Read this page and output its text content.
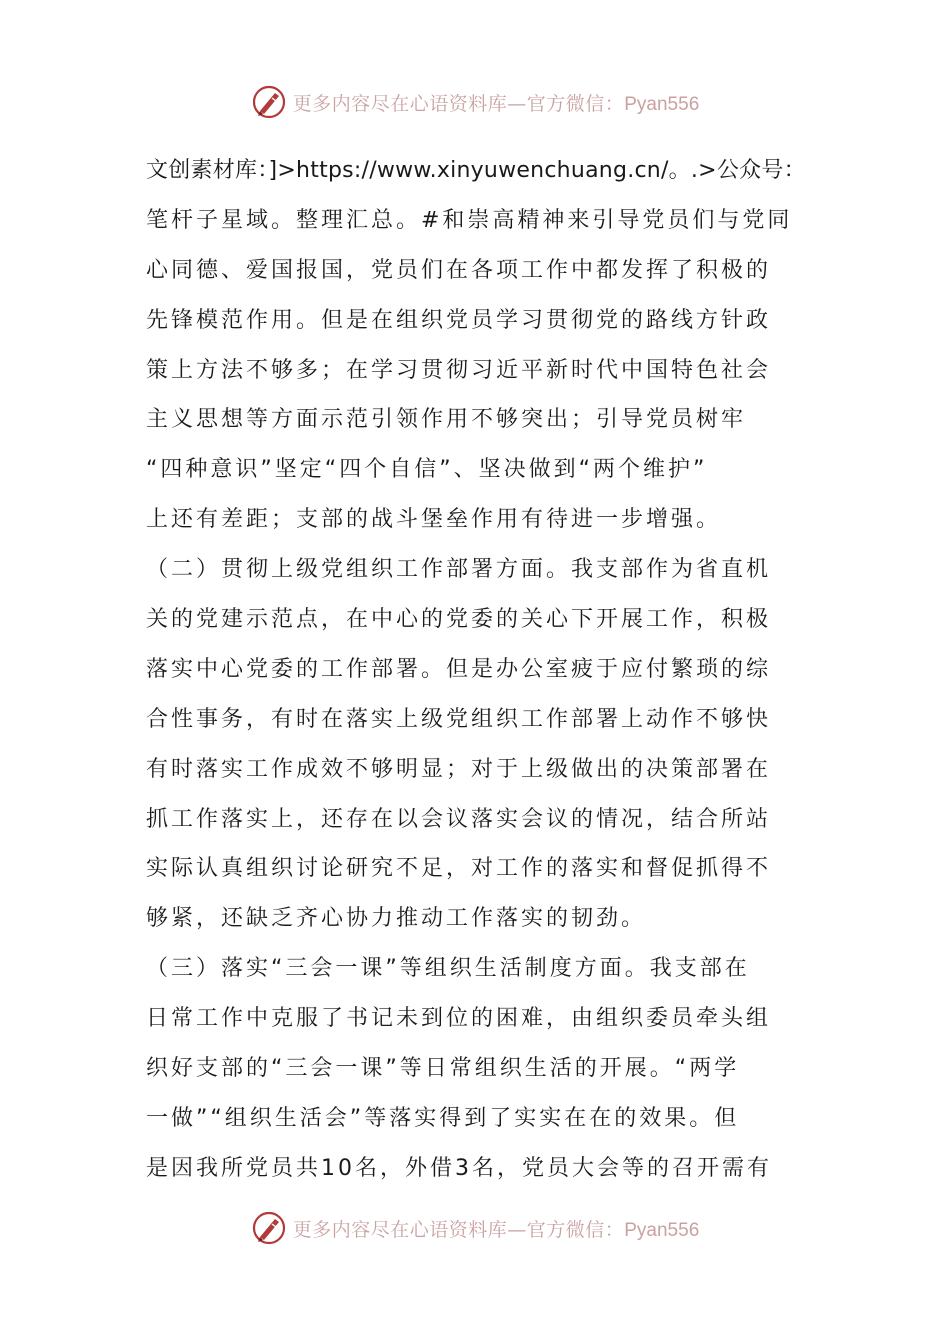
更多内容尽在心语资料库—官方微信：Pyan556
文创素材库：]>https://www.xinyuwenchuang.cn/。.>公众号：
笔杆子星域。整理汇总。#和崇高精神来引导党员们与党同
心同德、爱国报国，党员们在各项工作中都发挥了积极的
先锋模范作用。但是在组织党员学习贯彻党的路线方针政
策上方法不够多；在学习贯彻习近平新时代中国特色社会
主义思想等方面示范引领作用不够突出；引导党员树牢
“四种意识”坚定“四个自信”、坚决做到“两个维护”
上还有差距；支部的战斗堡垒作用有待进一步增强。
（二）贯彻上级党组织工作部署方面。我支部作为省直机
关的党建示范点，在中心的党委的关心下开展工作，积极
落实中心党委的工作部署。但是办公室疲于应付繁琐的综
合性事务，有时在落实上级党组织工作部署上动作不够快
有时落实工作成效不够明显；对于上级做出的决策部署在
抓工作落实上，还存在以会议落实会议的情况，结合所站
实际认真组织讨论研究不足，对工作的落实和督促抓得不
够紧，还缺乏齐心协力推动工作落实的韧劲。
（三）落实“三会一课”等组织生活制度方面。我支部在
日常工作中克服了书记未到位的困难，由组织委员牵头组
织好支部的“三会一课”等日常组织生活的开展。“两学
一做”“组织生活会”等落实得到了实实在在的效果。但
是因我所党员共10名，外借3名，党员大会等的召开需有
更多内容尽在心语资料库—官方微信：Pyan556
